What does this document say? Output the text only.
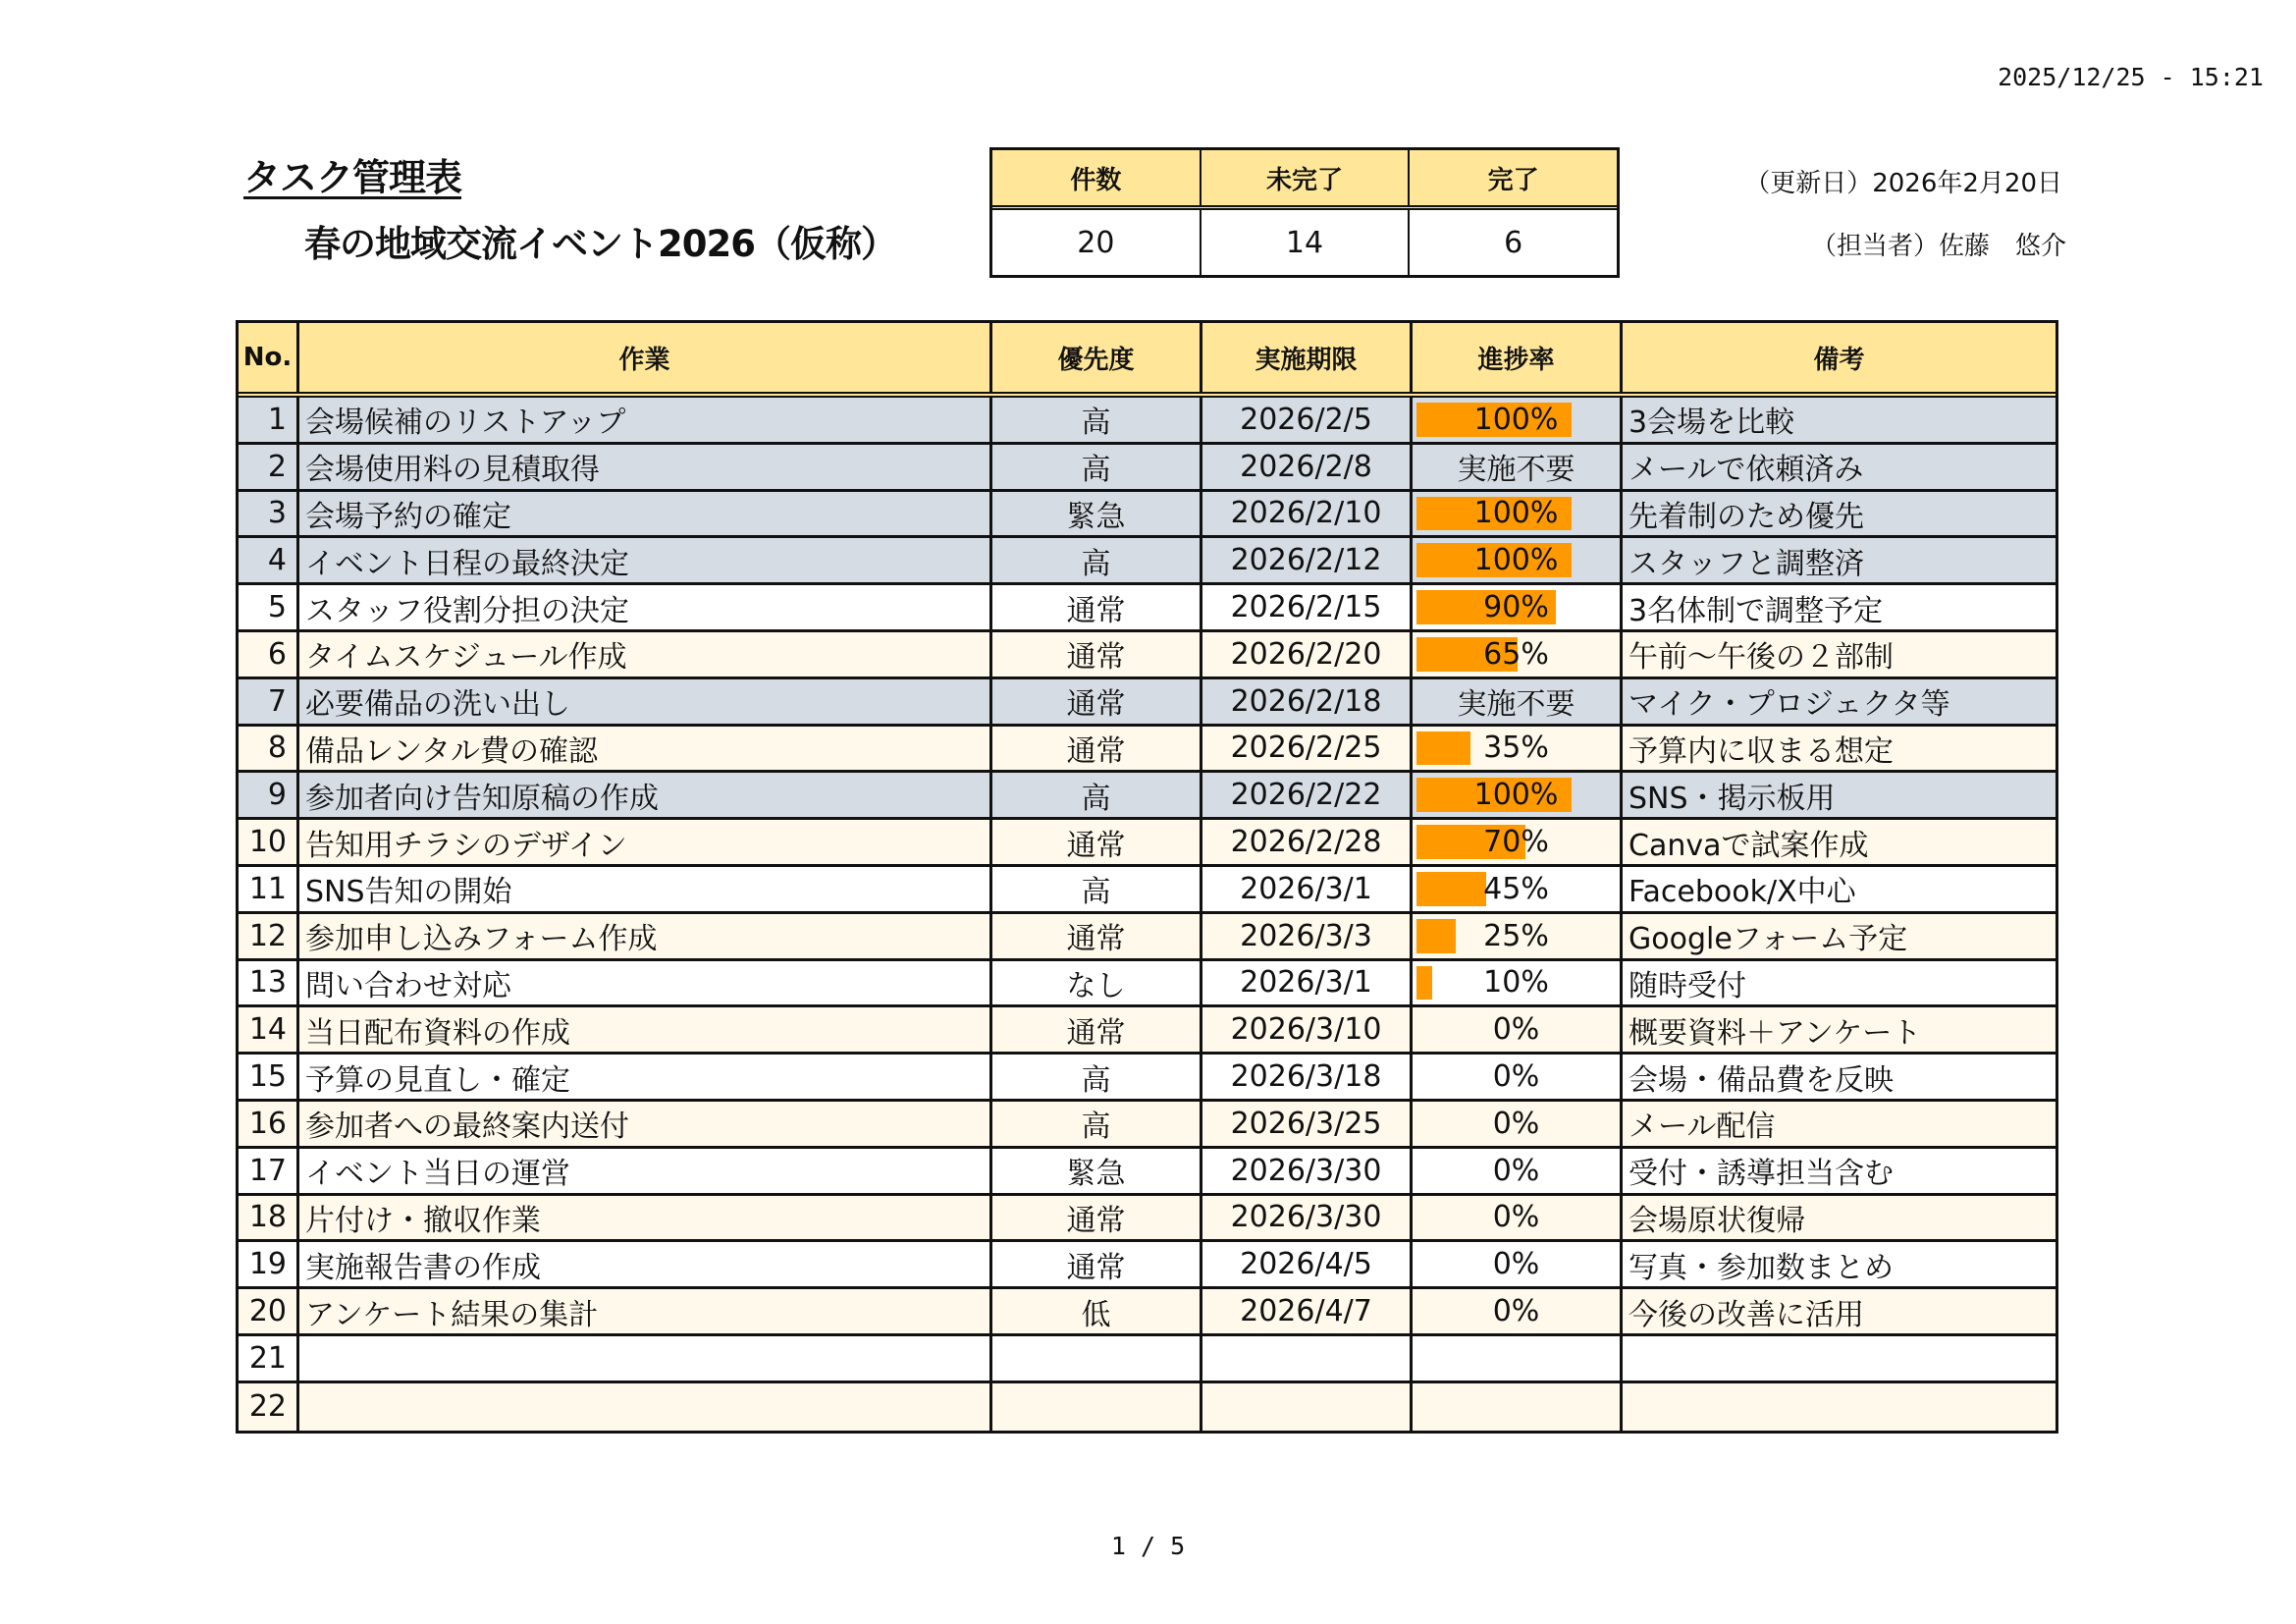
2025/12/25 - 15:21
タスク管理表
春の地域交流イベント2026（仮称）
件数	未完了	完了
20	14	6
（更新日）2026年2月20日
（担当者）佐藤　悠介
No.	作業	優先度	実施期限	進捗率	備考
1 会場候補のリストアップ	高	2026/2/5	100% 3会場を比較
2 会場使用料の見積取得	高	2026/2/8	実施不要 メールで依頼済み
3 会場予約の確定	緊急	2026/2/10	100% 先着制のため優先
4 イベント日程の最終決定	高	2026/2/12	100% スタッフと調整済
5 スタッフ役割分担の決定	通常	2026/2/15	90%	3名体制で調整予定
6 タイムスケジュール作成	通常	2026/2/20	65%	午前～午後の２部制
7 必要備品の洗い出し	通常	2026/2/18	実施不要 マイク・プロジェクタ等
8 備品レンタル費の確認	通常	2026/2/25	35%	予算内に収まる想定
9 参加者向け告知原稿の作成	高	2026/2/22	100% SNS・掲示板用
10 告知用チラシのデザイン	通常	2026/2/28	70%	Canvaで試案作成
11 SNS告知の開始	高	2026/3/1	45%	Facebook/X中心
12 参加申し込みフォーム作成	通常	2026/3/3	25%	Googleフォーム予定
13 問い合わせ対応	なし	2026/3/1	10%	随時受付
14 当日配布資料の作成	通常	2026/3/10	0%	概要資料＋アンケート
15 予算の見直し・確定	高	2026/3/18	0%	会場・備品費を反映
16 参加者への最終案内送付	高	2026/3/25	0%	メール配信
17 イベント当日の運営	緊急	2026/3/30	0%	受付・誘導担当含む
18 片付け・撤収作業	通常	2026/3/30	0%	会場原状復帰
19 実施報告書の作成	通常	2026/4/5	0%	写真・参加数まとめ
20 アンケート結果の集計	低	2026/4/7	0%	今後の改善に活用
21
22
1 / 5
